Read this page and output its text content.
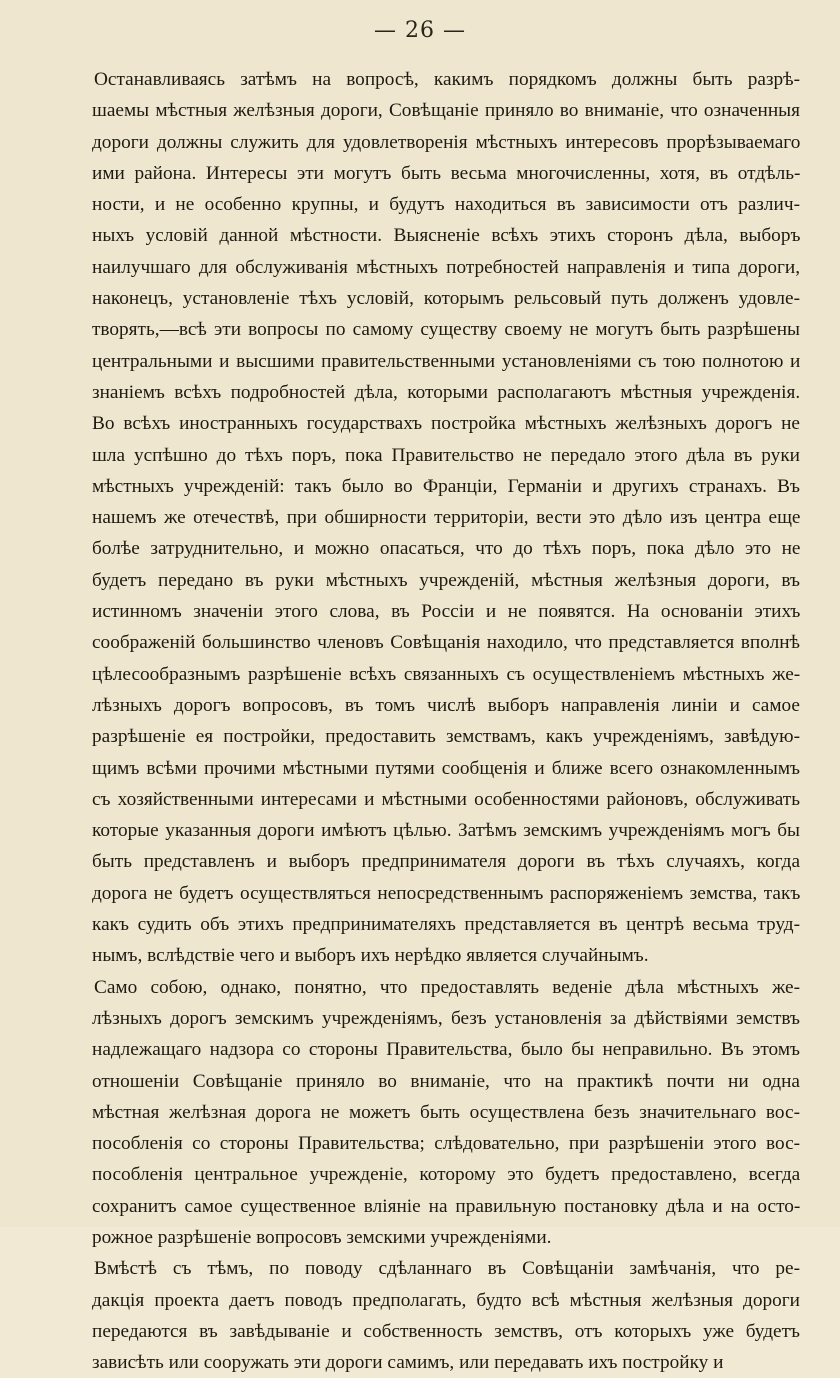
— 26 —

Останавливаясь затѣмъ на вопросѣ, какимъ порядкомъ должны быть разрѣ-
шаемы мѣстныя желѣзныя дороги, Совѣщаніе приняло во вниманіе, что означенныя
дороги должны служить для удовлетворенія мѣстныхъ интересовъ прорѣзываемаго
ими района. Интересы эти могутъ быть весьма многочисленны, хотя, въ отдѣль-
ности, и не особенно крупны, и будутъ находиться въ зависимости отъ различ-
ныхъ условій данной мѣстности. Выясненіе всѣхъ этихъ сторонъ дѣла, выборъ
наилучшаго для обслуживанія мѣстныхъ потребностей направленія и типа дороги,
наконецъ, установленіе тѣхъ условій, которымъ рельсовый путь долженъ удовле-
творять,—всѣ эти вопросы по самому существу своему не могутъ быть разрѣшены
центральными и высшими правительственными установленіями съ тою полнотою и
знаніемъ всѣхъ подробностей дѣла, которыми располагаютъ мѣстныя учрежденія.
Во всѣхъ иностранныхъ государствахъ постройка мѣстныхъ желѣзныхъ дорогъ не
шла успѣшно до тѣхъ поръ, пока Правительство не передало этого дѣла въ руки
мѣстныхъ учрежденій: такъ было во Франціи, Германіи и другихъ странахъ. Въ
нашемъ же отечествѣ, при обширности территоріи, вести это дѣло изъ центра еще
болѣе затруднительно, и можно опасаться, что до тѣхъ поръ, пока дѣло это не
будетъ передано въ руки мѣстныхъ учрежденій, мѣстныя желѣзныя дороги, въ
истинномъ значеніи этого слова, въ Россіи и не появятся. На основаніи этихъ
соображеній большинство членовъ Совѣщанія находило, что представляется вполнѣ
цѣлесообразнымъ разрѣшеніе всѣхъ связанныхъ съ осуществленіемъ мѣстныхъ же-
лѣзныхъ дорогъ вопросовъ, въ томъ числѣ выборъ направленія линіи и самое
разрѣшеніе ея постройки, предоставить земствамъ, какъ учрежденіямъ, завѣдую-
щимъ всѣми прочими мѣстными путями сообщенія и ближе всего ознакомленнымъ
съ хозяйственными интересами и мѣстными особенностями районовъ, обслуживать
которые указанныя дороги имѣютъ цѣлью. Затѣмъ земскимъ учрежденіямъ могъ бы
быть представленъ и выборъ предпринимателя дороги въ тѣхъ случаяхъ, когда
дорога не будетъ осуществляться непосредственнымъ распоряженіемъ земства, такъ
какъ судить объ этихъ предпринимателяхъ представляется въ центрѣ весьма труд-
нымъ, вслѣдствіе чего и выборъ ихъ нерѣдко является случайнымъ.

Само собою, однако, понятно, что предоставлять веденіе дѣла мѣстныхъ же-
лѣзныхъ дорогъ земскимъ учрежденіямъ, безъ установленія за дѣйствіями земствъ
надлежащаго надзора со стороны Правительства, было бы неправильно. Въ этомъ
отношеніи Совѣщаніе приняло во вниманіе, что на практикѣ почти ни одна
мѣстная желѣзная дорога не можетъ быть осуществлена безъ значительнаго вос-
пособленія со стороны Правительства; слѣдовательно, при разрѣшеніи этого вос-
пособленія центральное учрежденіе, которому это будетъ предоставлено, всегда
сохранитъ самое существенное вліяніе на правильную постановку дѣла и на осто-
рожное разрѣшеніе вопросовъ земскими учрежденіями.

Вмѣстѣ съ тѣмъ, по поводу сдѣланнаго въ Совѣщаніи замѣчанія, что ре-
дакція проекта даетъ поводъ предполагать, будто всѣ мѣстныя желѣзныя дороги
передаются въ завѣдываніе и собственность земствъ, отъ которыхъ уже будетъ
зависѣть или сооружать эти дороги самимъ, или передавать ихъ постройку и
